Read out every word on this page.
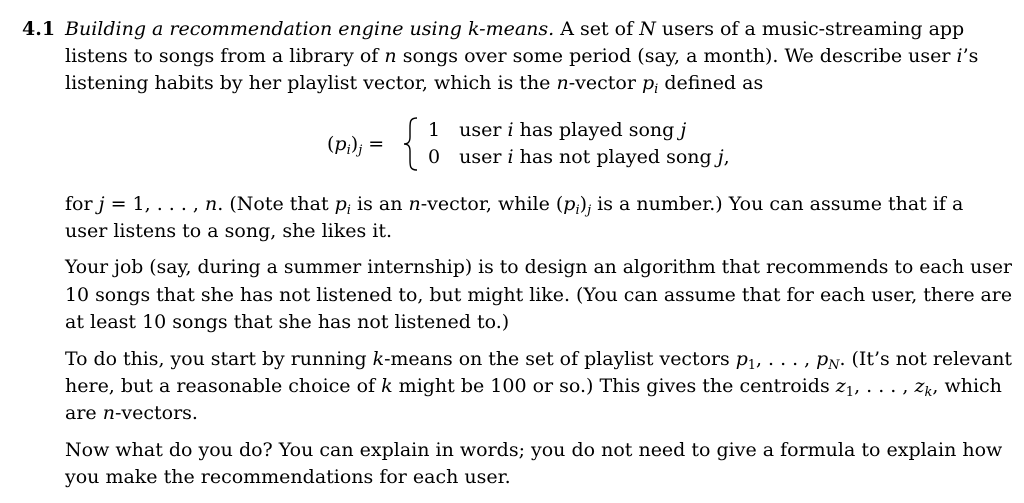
4.1 Building a recommendation engine using k-means. A set of N users of a music-streaming app
listens to songs from a library of n songs over some period (say, a month). We describe user i’s
listening habits by her playlist vector, which is the n-vector $p_i$ defined as
$(p_i)_j$ =
1 user i has played song j
0 user i has not played song j,
for j = 1, . . . , n. (Note that $p_i$ is an n-vector, while $(p_i)_j$ is a number.) You can assume that if a
user listens to a song, she likes it.
Your job (say, during a summer internship) is to design an algorithm that recommends to each user
10 songs that she has not listened to, but might like. (You can assume that for each user, there are
at least 10 songs that she has not listened to.)
To do this, you start by running k-means on the set of playlist vectors $p_1$, . . . , $p_N$. (It’s not relevant
here, but a reasonable choice of k might be 100 or so.) This gives the centroids $z_1$, . . . , $z_k$, which
are n-vectors.
Now what do you do? You can explain in words; you do not need to give a formula to explain how
you make the recommendations for each user.
